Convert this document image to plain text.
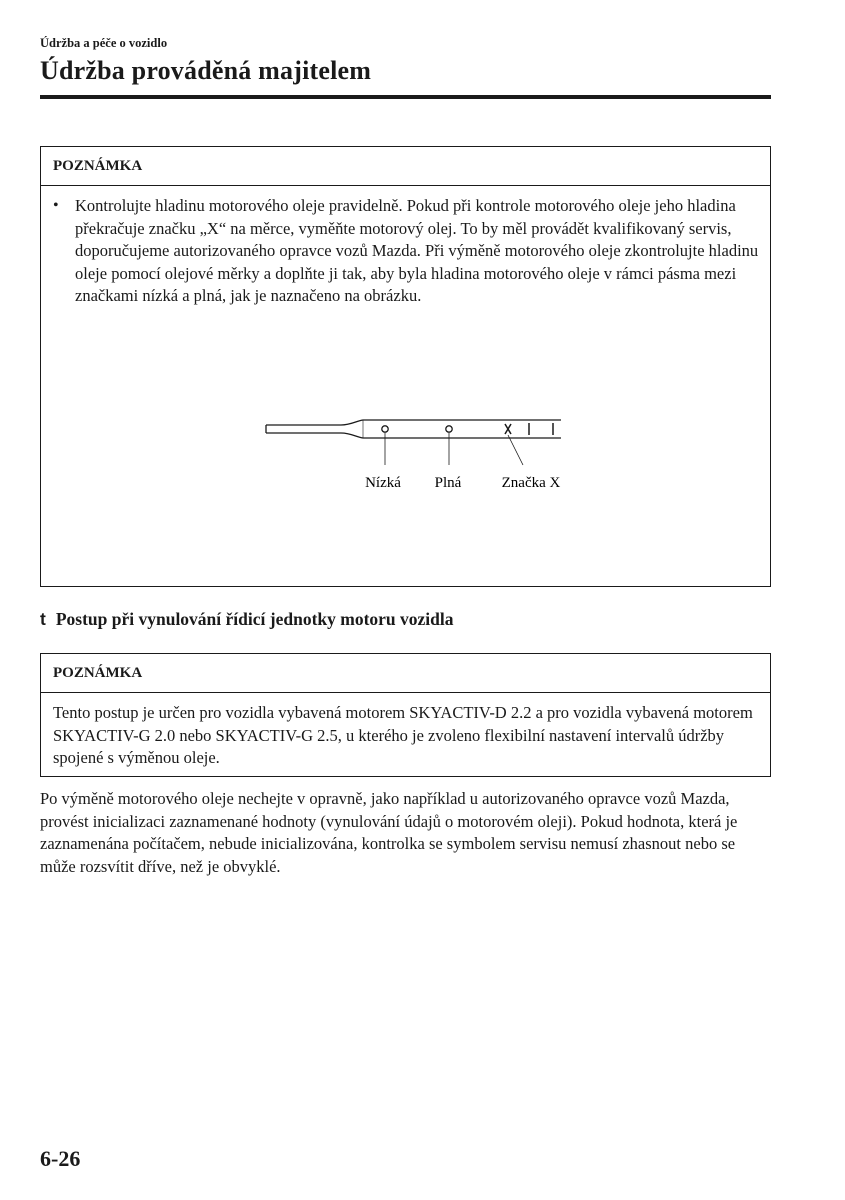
Údržba a péče o vozidlo
Údržba prováděná majitelem
POZNÁMKA
• Kontrolujte hladinu motorového oleje pravidelně. Pokud při kontrole motorového oleje jeho hladina překračuje značku „X“ na měrce, vyměňte motorový olej. To by měl provádět kvalifikovaný servis, doporučujeme autorizovaného opravce vozů Mazda. Při výměně motorového oleje zkontrolujte hladinu oleje pomocí olejové měrky a doplňte ji tak, aby byla hladina motorového oleje v rámci pásma mezi značkami nízká a plná, jak je naznačeno na obrázku.
Nízká Plná	Značka X
t Postup při vynulování řídicí jednotky motoru vozidla
POZNÁMKA
Tento postup je určen pro vozidla vybavená motorem SKYACTIV-D 2.2 a pro vozidla vybavená motorem SKYACTIV-G 2.0 nebo SKYACTIV-G 2.5, u kterého je zvoleno flexibilní nastavení intervalů údržby spojené s výměnou oleje.
Po výměně motorového oleje nechejte v opravně, jako například u autorizovaného opravce vozů Mazda, provést inicializaci zaznamenané hodnoty (vynulování údajů o motorovém oleji). Pokud hodnota, která je zaznamenána počítačem, nebude inicializována, kontrolka se symbolem servisu nemusí zhasnout nebo se může rozsvítit dříve, než je obvyklé.
6-26
